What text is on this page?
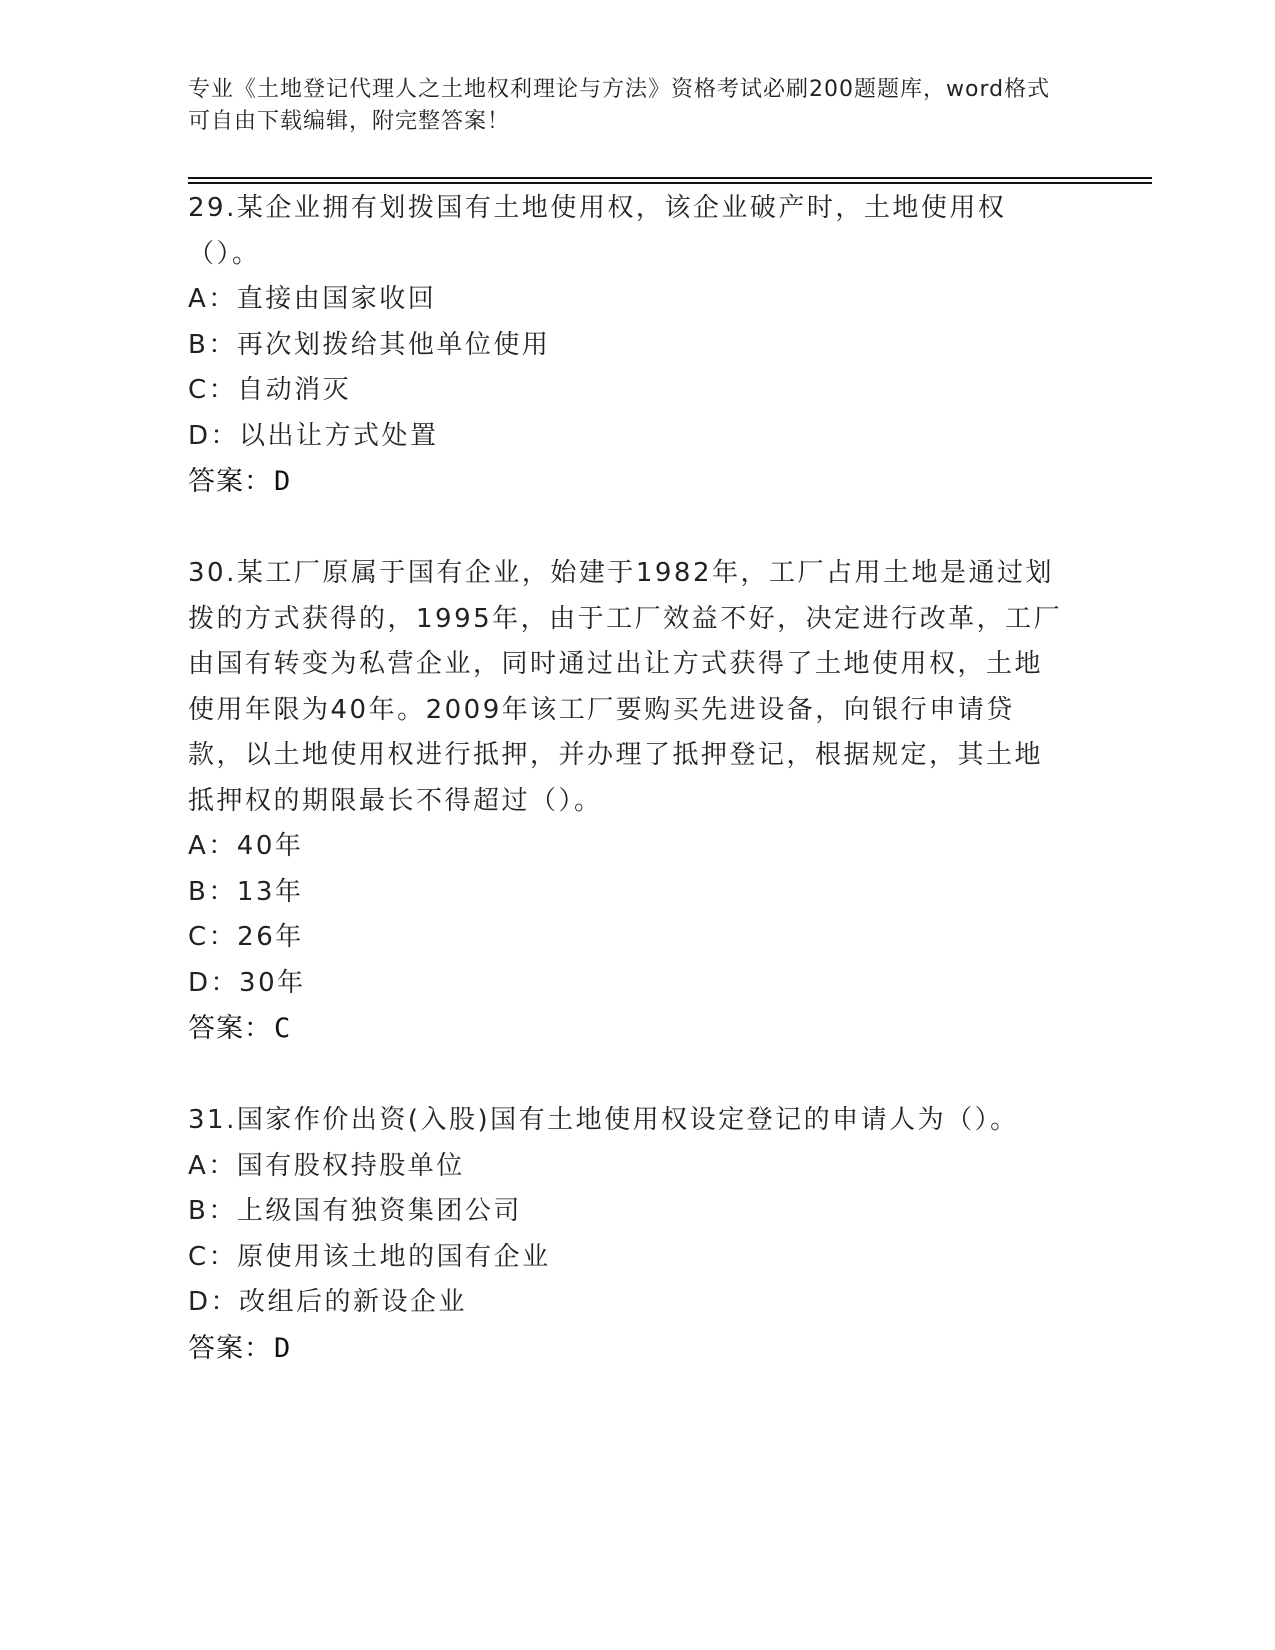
专业《土地登记代理人之土地权利理论与方法》资格考试必刷200题题库，word格式可自由下载编辑，附完整答案！
29.某企业拥有划拨国有土地使用权，该企业破产时，土地使用权（）。
A：直接由国家收回
B：再次划拨给其他单位使用
C：自动消灭
D：以出让方式处置
答案：D
30.某工厂原属于国有企业，始建于1982年，工厂占用土地是通过划拨的方式获得的，1995年，由于工厂效益不好，决定进行改革，工厂由国有转变为私营企业，同时通过出让方式获得了土地使用权，土地使用年限为40年。2009年该工厂要购买先进设备，向银行申请贷款，以土地使用权进行抵押，并办理了抵押登记，根据规定，其土地抵押权的期限最长不得超过（）。
A：40年
B：13年
C：26年
D：30年
答案：C
31.国家作价出资(入股)国有土地使用权设定登记的申请人为（）。
A：国有股权持股单位
B：上级国有独资集团公司
C：原使用该土地的国有企业
D：改组后的新设企业
答案：D
